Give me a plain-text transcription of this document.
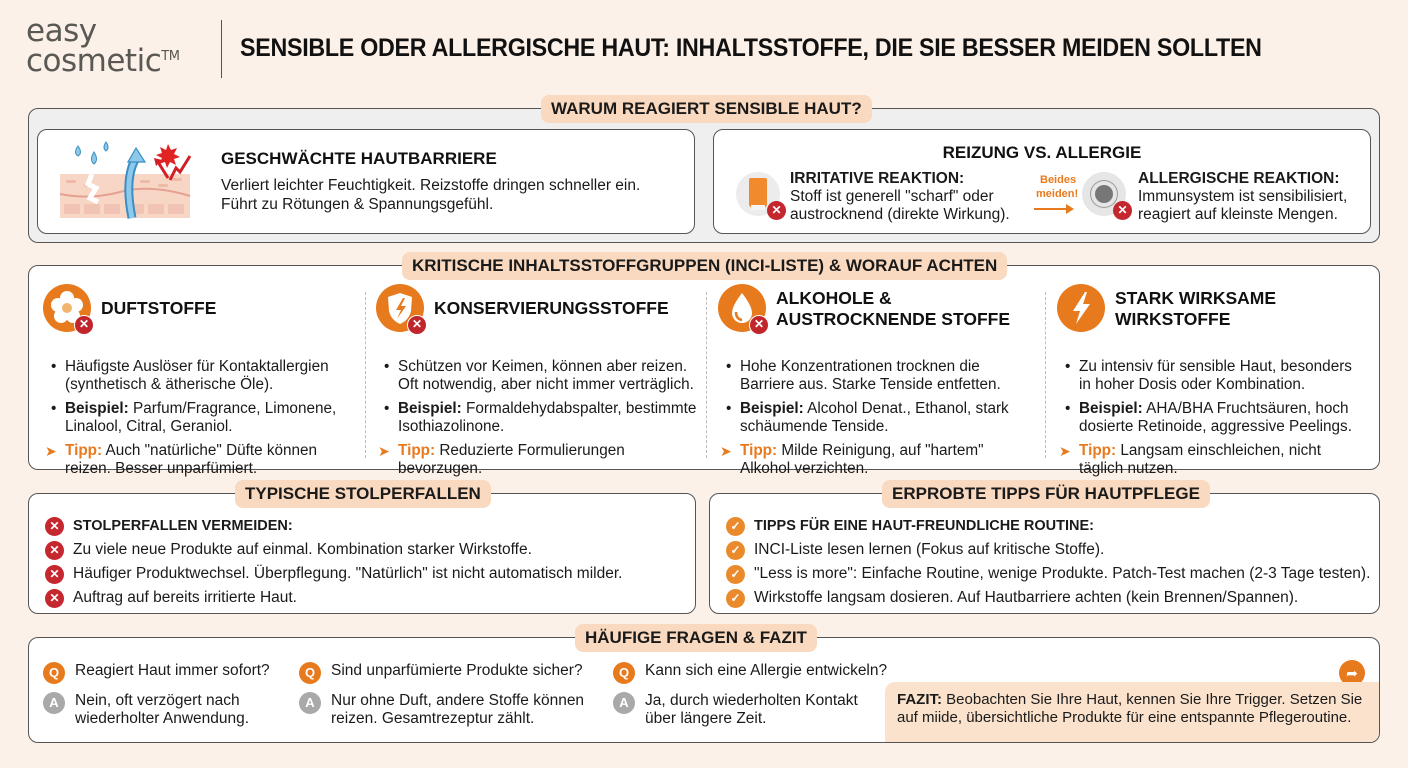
easy
cosmetic™	SENSIBLE ODER ALLERGISCHE HAUT: INHALTSSTOFFE, DIE SIE BESSER MEIDEN SOLLTEN
WARUM REAGIERT SENSIBLE HAUT?
GESCHWÄCHTE HAUTBARRIERE
Verliert leichter Feuchtigkeit. Reizstoffe dringen schneller ein.
Führt zu Rötungen & Spannungsgefühl.
REIZUNG VS. ALLERGIE
✕
IRRITATIVE REAKTION:
Stoff ist generell "scharf" oder
austrocknend (direkte Wirkung).
Beides
meiden!
✕
ALLERGISCHE REAKTION:
Immunsystem ist sensibilisiert,
reagiert auf kleinste Mengen.
KRITISCHE INHALTSSTOFFGRUPPEN (INCI-LISTE) & WORAUF ACHTEN
✕
DUFTSTOFFE
• Häufigste Auslöser für Kontaktallergien (synthetisch & ätherische Öle).
• Beispiel: Parfum/Fragrance, Limonene, Linalool, Citral, Geraniol.
➤ Tipp: Auch "natürliche" Düfte können reizen. Besser unparfümiert.
✕
KONSERVIERUNGSSTOFFE
• Schützen vor Keimen, können aber reizen. Oft notwendig, aber nicht immer verträglich.
• Beispiel: Formaldehydabspalter, bestimmte Isothiazolinone.
➤ Tipp: Reduzierte Formulierungen bevorzugen.
✕
ALKOHOLE &
AUSTROCKNENDE STOFFE
• Hohe Konzentrationen trocknen die Barriere aus. Starke Tenside entfetten.
• Beispiel: Alcohol Denat., Ethanol, stark schäumende Tenside.
➤ Tipp: Milde Reinigung, auf "hartem" Alkohol verzichten.
STARK WIRKSAME
WIRKSTOFFE
• Zu intensiv für sensible Haut, besonders in hoher Dosis oder Kombination.
• Beispiel: AHA/BHA Fruchtsäuren, hoch dosierte Retinoide, aggressive Peelings.
➤ Tipp: Langsam einschleichen, nicht täglich nutzen.
TYPISCHE STOLPERFALLEN
✕ STOLPERFALLEN VERMEIDEN:
✕ Zu viele neue Produkte auf einmal. Kombination starker Wirkstoffe.
✕ Häufiger Produktwechsel. Überpflegung. "Natürlich" ist nicht automatisch milder.
✕ Auftrag auf bereits irritierte Haut.
ERPROBTE TIPPS FÜR HAUTPFLEGE
✓ TIPPS FÜR EINE HAUT-FREUNDLICHE ROUTINE:
✓ INCI-Liste lesen lernen (Fokus auf kritische Stoffe).
✓ "Less is more": Einfache Routine, wenige Produkte. Patch-Test machen (2-3 Tage testen).
✓ Wirkstoffe langsam dosieren. Auf Hautbarriere achten (kein Brennen/Spannen).
HÄUFIGE FRAGEN & FAZIT
Q	Reagiert Haut immer sofort?
A	Nein, oft verzögert nach wiederholter Anwendung.
Q	Sind unparfümierte Produkte sicher?
A	Nur ohne Duft, andere Stoffe können reizen. Gesamtrezeptur zählt.
Q	Kann sich eine Allergie entwickeln?
A	Ja, durch wiederholten Kontakt über längere Zeit.
➦
FAZIT: Beobachten Sie Ihre Haut, kennen Sie Ihre Trigger. Setzen Sie auf miide, übersichtliche Produkte für eine entspannte Pflegeroutine.
